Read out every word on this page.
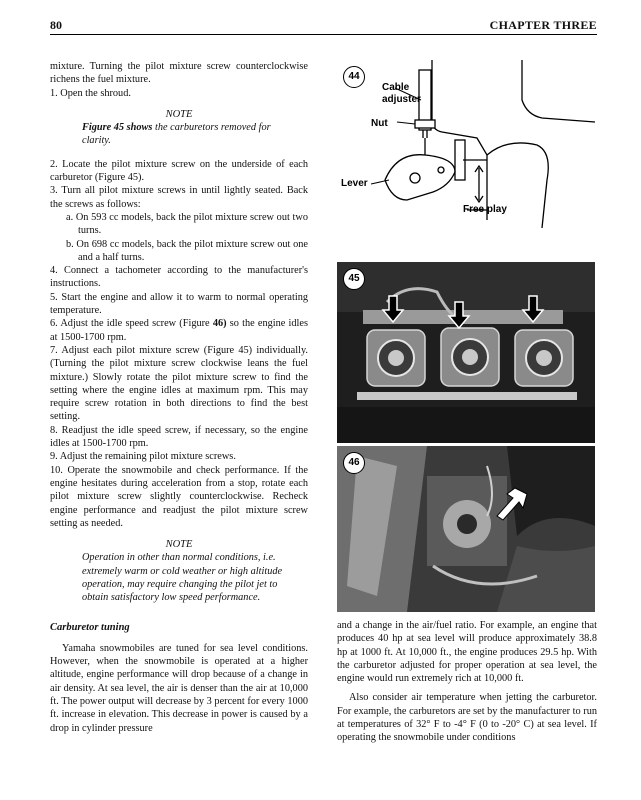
80	CHAPTER THREE

mixture. Turning the pilot mixture screw counterclockwise richens the fuel mixture.

1. Open the shroud.

NOTE
Figure 45 shows the carburetors removed for clarity.

2. Locate the pilot mixture screw on the underside of each carburetor (Figure 45).

3. Turn all pilot mixture screws in until lightly seated. Back the screws as follows:

a. On 593 cc models, back the pilot mixture screw out two turns.

b. On 698 cc models, back the pilot mixture screw out one and a half turns.

4. Connect a tachometer according to the manufacturer's instructions.

5. Start the engine and allow it to warm to normal operating temperature.

6. Adjust the idle speed screw (Figure 46) so the engine idles at 1500-1700 rpm.

7. Adjust each pilot mixture screw (Figure 45) individually. (Turning the pilot mixture screw clockwise leans the fuel mixture.) Slowly rotate the pilot mixture screw to find the setting where the engine idles at maximum rpm. This may require screw rotation in both directions to find the best setting.

8. Readjust the idle speed screw, if necessary, so the engine idles at 1500-1700 rpm.

9. Adjust the remaining pilot mixture screws.

10. Operate the snowmobile and check performance. If the engine hesitates during acceleration from a stop, rotate each pilot mixture screw slightly counterclockwise. Recheck engine performance and readjust the pilot mixture screw setting as needed.

NOTE
Operation in other than normal conditions, i.e. extremely warm or cold weather or high altitude operation, may require changing the pilot jet to obtain satisfactory low speed performance.
Carburetor tuning

Yamaha snowmobiles are tuned for sea level conditions. However, when the snowmobile is operated at a higher altitude, engine performance will drop because of a change in air density. At sea level, the air is denser than the air at 10,000 ft. The power output will decrease by 3 percent for every 1000 ft. increase in elevation. This decrease in power is caused by a drop in cylinder pressure

44
Cable
adjuster
Nut
Lever
Free play
45
46

and a change in the air/fuel ratio. For example, an engine that produces 40 hp at sea level will produce approximately 38.8 hp at 1000 ft. At 10,000 ft., the engine produces 29.5 hp. With the carburetor adjusted for proper operation at sea level, the engine would run extremely rich at 10,000 ft.

Also consider air temperature when jetting the carburetor. For example, the carburetors are set by the manufacturer to run at temperatures of 32° F to -4° F (0 to -20° C) at sea level. If operating the snowmobile under conditions
